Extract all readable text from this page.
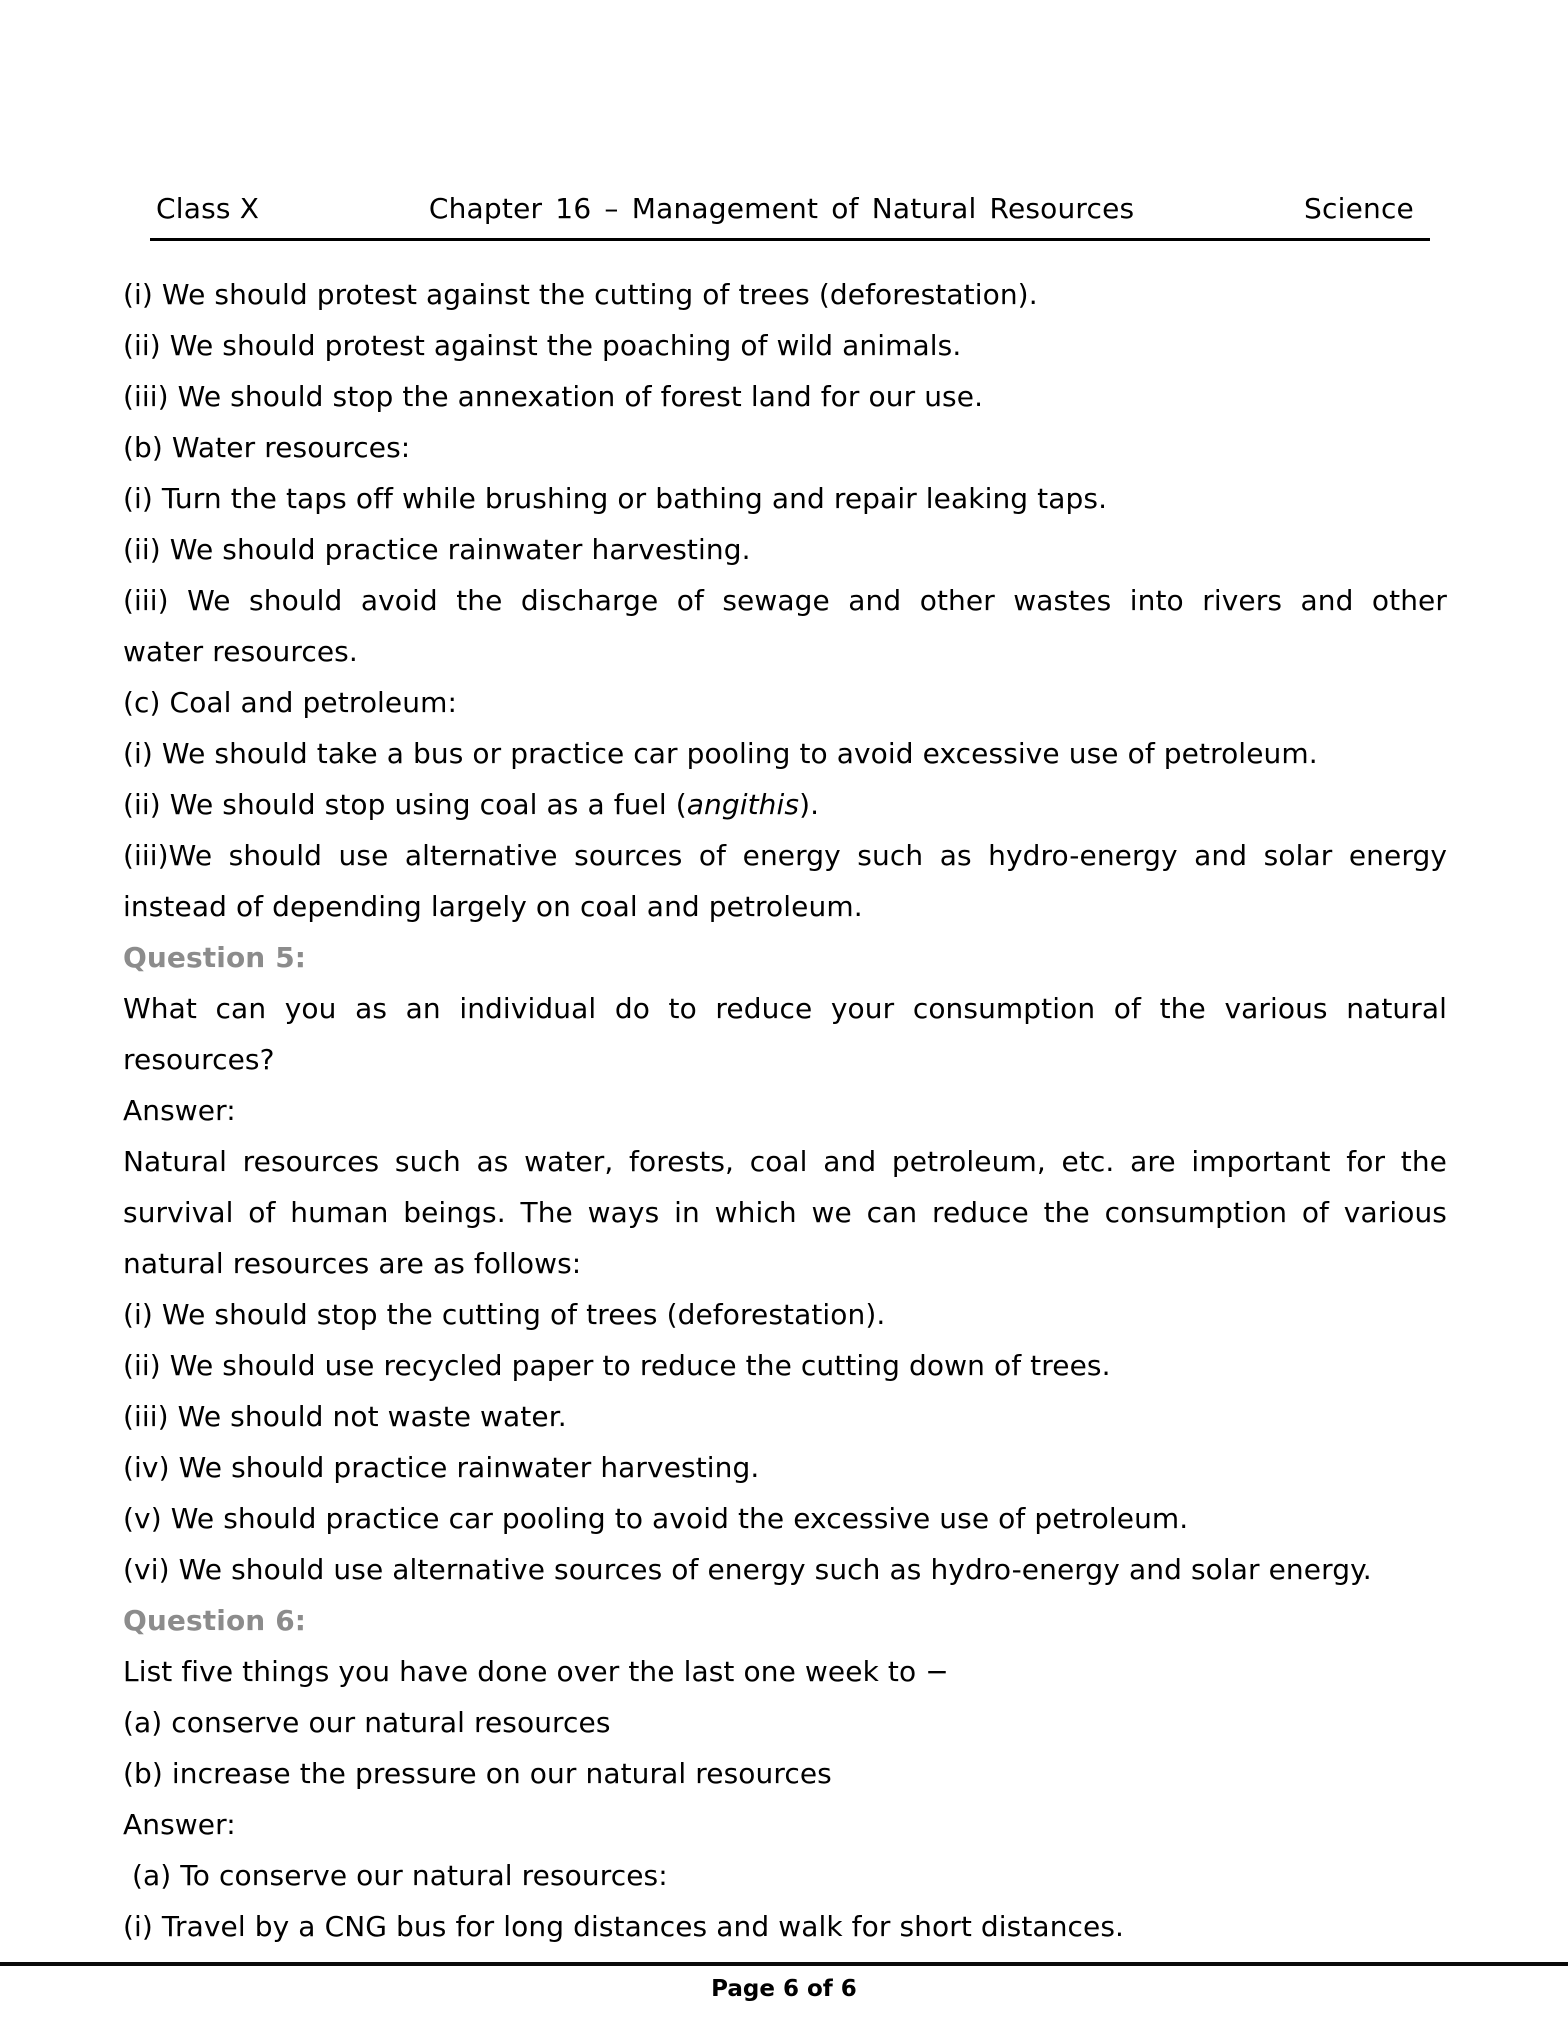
Class X	Chapter 16 – Management of Natural Resources	Science
(i) We should protest against the cutting of trees (deforestation).
(ii) We should protest against the poaching of wild animals.
(iii) We should stop the annexation of forest land for our use.
(b) Water resources:
(i) Turn the taps off while brushing or bathing and repair leaking taps.
(ii) We should practice rainwater harvesting.
(iii) We should avoid the discharge of sewage and other wastes into rivers and other
water resources.
(c) Coal and petroleum:
(i) We should take a bus or practice car pooling to avoid excessive use of petroleum.
(ii) We should stop using coal as a fuel (angithis).
(iii)We should use alternative sources of energy such as hydro-energy and solar energy
instead of depending largely on coal and petroleum.
Question 5:
What can you as an individual do to reduce your consumption of the various natural
resources?
Answer:
Natural resources such as water, forests, coal and petroleum, etc. are important for the
survival of human beings. The ways in which we can reduce the consumption of various
natural resources are as follows:
(i) We should stop the cutting of trees (deforestation).
(ii) We should use recycled paper to reduce the cutting down of trees.
(iii) We should not waste water.
(iv) We should practice rainwater harvesting.
(v) We should practice car pooling to avoid the excessive use of petroleum.
(vi) We should use alternative sources of energy such as hydro-energy and solar energy.
Question 6:
List five things you have done over the last one week to −
(a) conserve our natural resources
(b) increase the pressure on our natural resources
Answer:
(a) To conserve our natural resources:
(i) Travel by a CNG bus for long distances and walk for short distances.
Page 6 of 6
